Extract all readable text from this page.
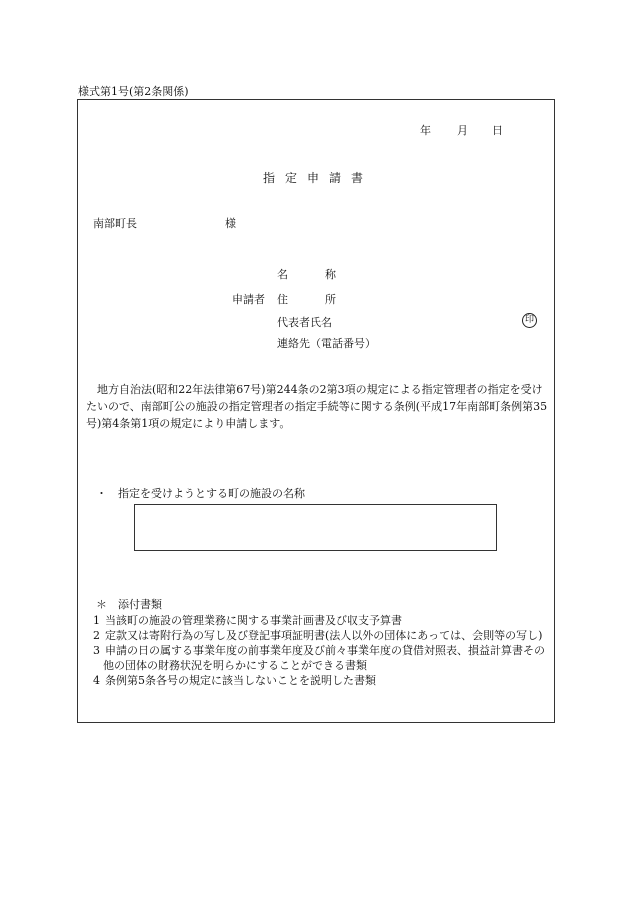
様式第1号(第2条関係)
年 月 日
指定申請書
南部町長	様
申請者
名	称
住	所
代表者氏名
連絡先（電話番号）
印
地方自治法(昭和22年法律第67号)第244条の2第3項の規定による指定管理者の指定を受けたいので、南部町公の施設の指定管理者の指定手続等に関する条例(平成17年南部町条例第35号)第4条第1項の規定により申請します。
・　指定を受けようとする町の施設の名称
＊　添付書類
1 当該町の施設の管理業務に関する事業計画書及び収支予算書
2 定款又は寄附行為の写し及び登記事項証明書(法人以外の団体にあっては、会則等の写し)
3 申請の日の属する事業年度の前事業年度及び前々事業年度の貸借対照表、損益計算書その他の団体の財務状況を明らかにすることができる書類
4 条例第5条各号の規定に該当しないことを説明した書類
